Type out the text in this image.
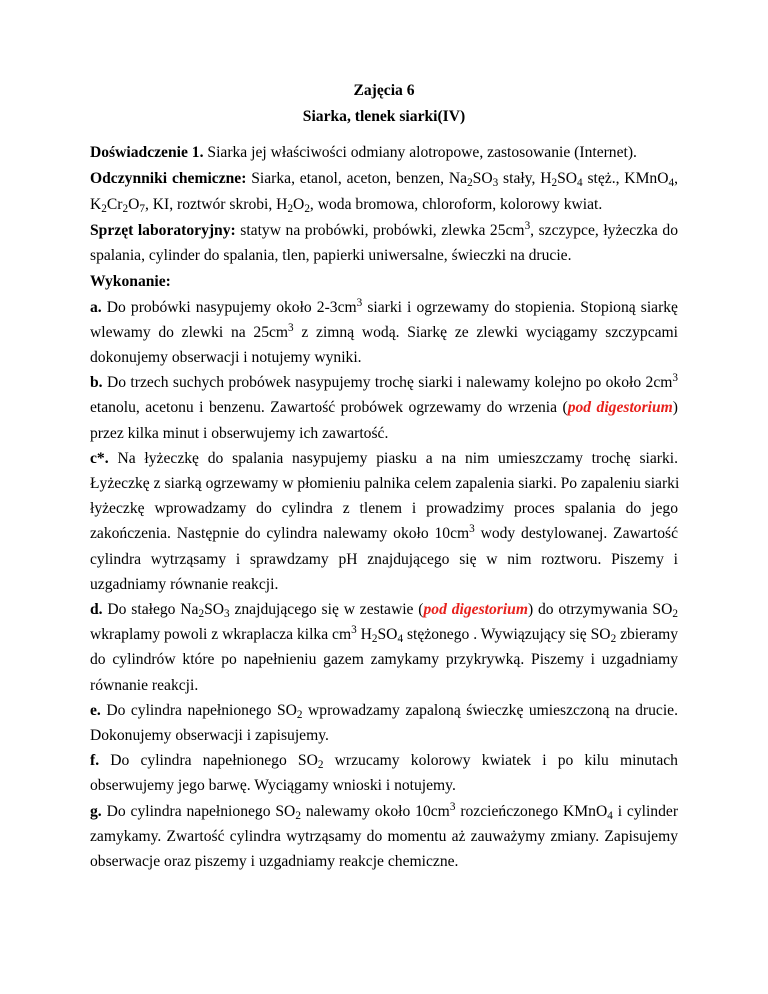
Zajęcia 6
Siarka, tlenek siarki(IV)
Doświadczenie 1. Siarka jej właściwości odmiany alotropowe, zastosowanie (Internet).
Odczynniki chemiczne: Siarka, etanol, aceton, benzen, $Na_2SO_3$ stały, $H_2SO_4$ stęż., KMnO$_4$,
$K_2Cr_2O_7$, KI, roztwór skrobi, $H_2O_2$, woda bromowa, chloroform, kolorowy kwiat.
Sprzęt laboratoryjny: statyw na probówki, probówki, zlewka $25cm^3$, szczypce, łyżeczka do
spalania, cylinder do spalania, tlen, papierki uniwersalne, świeczki na drucie.
Wykonanie:
a. Do probówki nasypujemy około $2-3cm^3$ siarki i ogrzewamy do stopienia. Stopioną siarkę
wlewamy do zlewki na $25cm^3$ z zimną wodą. Siarkę ze zlewki wyciągamy szczypcami
dokonujemy obserwacji i notujemy wyniki.
b. Do trzech suchych probówek nasypujemy trochę siarki i nalewamy kolejno po około $2cm^3$
etanolu, acetonu i benzenu. Zawartość probówek ogrzewamy do wrzenia (pod digestorium)
przez kilka minut i obserwujemy ich zawartość.
c*. Na łyżeczkę do spalania nasypujemy piasku a na nim umieszczamy trochę siarki.
Łyżeczkę z siarką ogrzewamy w płomieniu palnika celem zapalenia siarki. Po zapaleniu siarki
łyżeczkę wprowadzamy do cylindra z tlenem i prowadzimy proces spalania do jego
zakończenia. Następnie do cylindra nalewamy około $10cm^3$ wody destylowanej. Zawartość
cylindra wytrząsamy i sprawdzamy pH znajdującego się w nim roztworu. Piszemy i
uzgadniamy równanie reakcji.
d. Do stałego $Na_2SO_3$ znajdującego się w zestawie (pod digestorium) do otrzymywania $SO_2$
wkraplamy powoli z wkraplacza kilka $cm^3$ $H_2SO_4$ stężonego . Wywiązujący się $SO_2$ zbieramy
do cylindrów które po napełnieniu gazem zamykamy przykrywką. Piszemy i uzgadniamy
równanie reakcji.
e. Do cylindra napełnionego $SO_2$ wprowadzamy zapaloną świeczkę umieszczoną na drucie.
Dokonujemy obserwacji i zapisujemy.
f. Do cylindra napełnionego $SO_2$ wrzucamy kolorowy kwiatek i po kilu minutach
obserwujemy jego barwę. Wyciągamy wnioski i notujemy.
g. Do cylindra napełnionego $SO_2$ nalewamy około $10cm^3$ rozcieńczonego KMnO$_4$ i cylinder
zamykamy. Zwartość cylindra wytrząsamy do momentu aż zauważymy zmiany. Zapisujemy
obserwacje oraz piszemy i uzgadniamy reakcje chemiczne.
